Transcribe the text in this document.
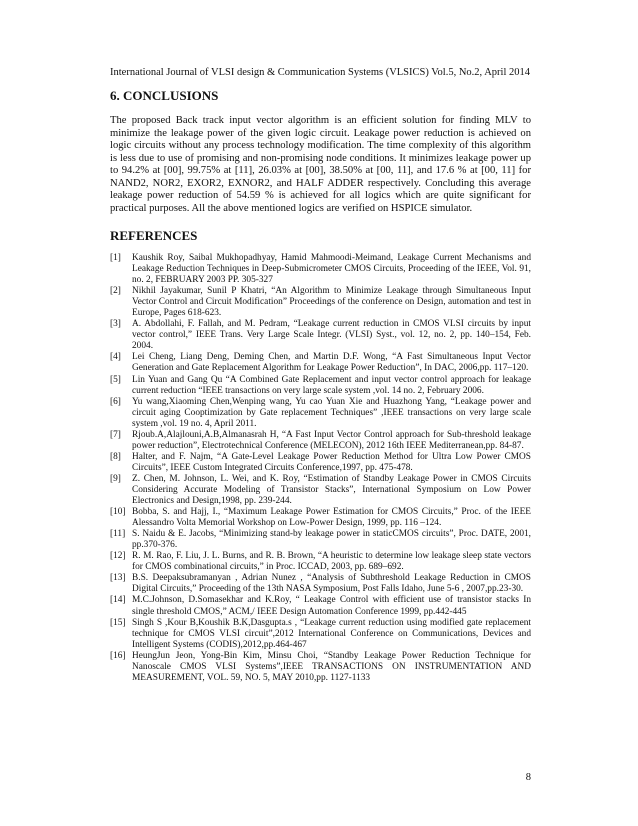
International Journal of VLSI design & Communication Systems (VLSICS) Vol.5, No.2, April 2014
6. CONCLUSIONS

The proposed Back track input vector algorithm is an efficient solution for finding MLV to minimize the leakage power of the given logic circuit. Leakage power reduction is achieved on logic circuits without any process technology modification. The time complexity of this algorithm is less due to use of promising and non-promising node conditions. It minimizes leakage power up to 94.2% at [00], 99.75% at [11], 26.03% at [00], 38.50% at [00, 11], and 17.6 % at [00, 11] for NAND2, NOR2, EXOR2, EXNOR2, and HALF ADDER respectively. Concluding this average leakage power reduction of 54.59 % is achieved for all logics which are quite significant for practical purposes. All the above mentioned logics are verified on HSPICE simulator.

REFERENCES
[1] Kaushik Roy, Saibal Mukhopadhyay, Hamid Mahmoodi-Meimand, Leakage Current Mechanisms and Leakage Reduction Techniques in Deep-Submicrometer CMOS Circuits, Proceeding of the IEEE, Vol. 91, no. 2, FEBRUARY 2003 PP. 305-327
[2] Nikhil Jayakumar, Sunil P Khatri, “An Algorithm to Minimize Leakage through Simultaneous Input Vector Control and Circuit Modification” Proceedings of the conference on Design, automation and test in Europe, Pages 618-623.
[3] A. Abdollahi, F. Fallah, and M. Pedram, “Leakage current reduction in CMOS VLSI circuits by input vector control,” IEEE Trans. Very Large Scale Integr. (VLSI) Syst., vol. 12, no. 2, pp. 140–154, Feb. 2004.
[4] Lei Cheng, Liang Deng, Deming Chen, and Martin D.F. Wong, “A Fast Simultaneous Input Vector Generation and Gate Replacement Algorithm for Leakage Power Reduction”, In DAC, 2006,pp. 117–120.
[5] Lin Yuan and Gang Qu “A Combined Gate Replacement and input vector control approach for leakage current reduction “IEEE transactions on very large scale system ,vol. 14 no. 2, February 2006.
[6] Yu wang,Xiaoming Chen,Wenping wang, Yu cao Yuan Xie and Huazhong Yang, “Leakage power and circuit aging Cooptimization by Gate replacement Techniques” ,IEEE transactions on very large scale system ,vol. 19 no. 4, April 2011.
[7] Rjoub.A,Alajlouni,A.B,Almanasrah H, “A Fast Input Vector Control approach for Sub-threshold leakage power reduction”, Electrotechnical Conference (MELECON), 2012 16th IEEE Mediterranean,pp. 84-87.
[8] Halter, and F. Najm, “A Gate-Level Leakage Power Reduction Method for Ultra Low Power CMOS Circuits”, IEEE Custom Integrated Circuits Conference,1997, pp. 475-478.
[9] Z. Chen, M. Johnson, L. Wei, and K. Roy, “Estimation of Standby Leakage Power in CMOS Circuits Considering Accurate Modeling of Transistor Stacks”, International Symposium on Low Power Electronics and Design,1998, pp. 239-244.
[10] Bobba, S. and Hajj, I., “Maximum Leakage Power Estimation for CMOS Circuits,” Proc. of the IEEE Alessandro Volta Memorial Workshop on Low-Power Design, 1999, pp. 116 –124.
[11] S. Naidu & E. Jacobs, “Minimizing stand-by leakage power in staticCMOS circuits”, Proc. DATE, 2001, pp.370-376.
[12] R. M. Rao, F. Liu, J. L. Burns, and R. B. Brown, “A heuristic to determine low leakage sleep state vectors for CMOS combinational circuits,” in Proc. ICCAD, 2003, pp. 689–692.
[13] B.S. Deepaksubramanyan , Adrian Nunez , “Analysis of Subthreshold Leakage Reduction in CMOS Digital Circuits,” Proceeding of the 13th NASA Symposium, Post Falls Idaho, June 5-6 , 2007,pp.23-30.
[14] M.C.Johnson, D.Somasekhar and K.Roy, “ Leakage Control with efficient use of transistor stacks In single threshold CMOS,” ACM,/ IEEE Design Automation Conference 1999, pp.442-445
[15] Singh S ,Kour B,Koushik B.K,Dasgupta.s , “Leakage current reduction using modified gate replacement technique for CMOS VLSI circuit”,2012 International Conference on Communications, Devices and Intelligent Systems (CODIS),2012,pp.464-467
[16] HeungJun Jeon, Yong-Bin Kim, Minsu Choi, “Standby Leakage Power Reduction Technique for Nanoscale CMOS VLSI Systems”,IEEE TRANSACTIONS ON INSTRUMENTATION AND MEASUREMENT, VOL. 59, NO. 5, MAY 2010,pp. 1127-1133
8
